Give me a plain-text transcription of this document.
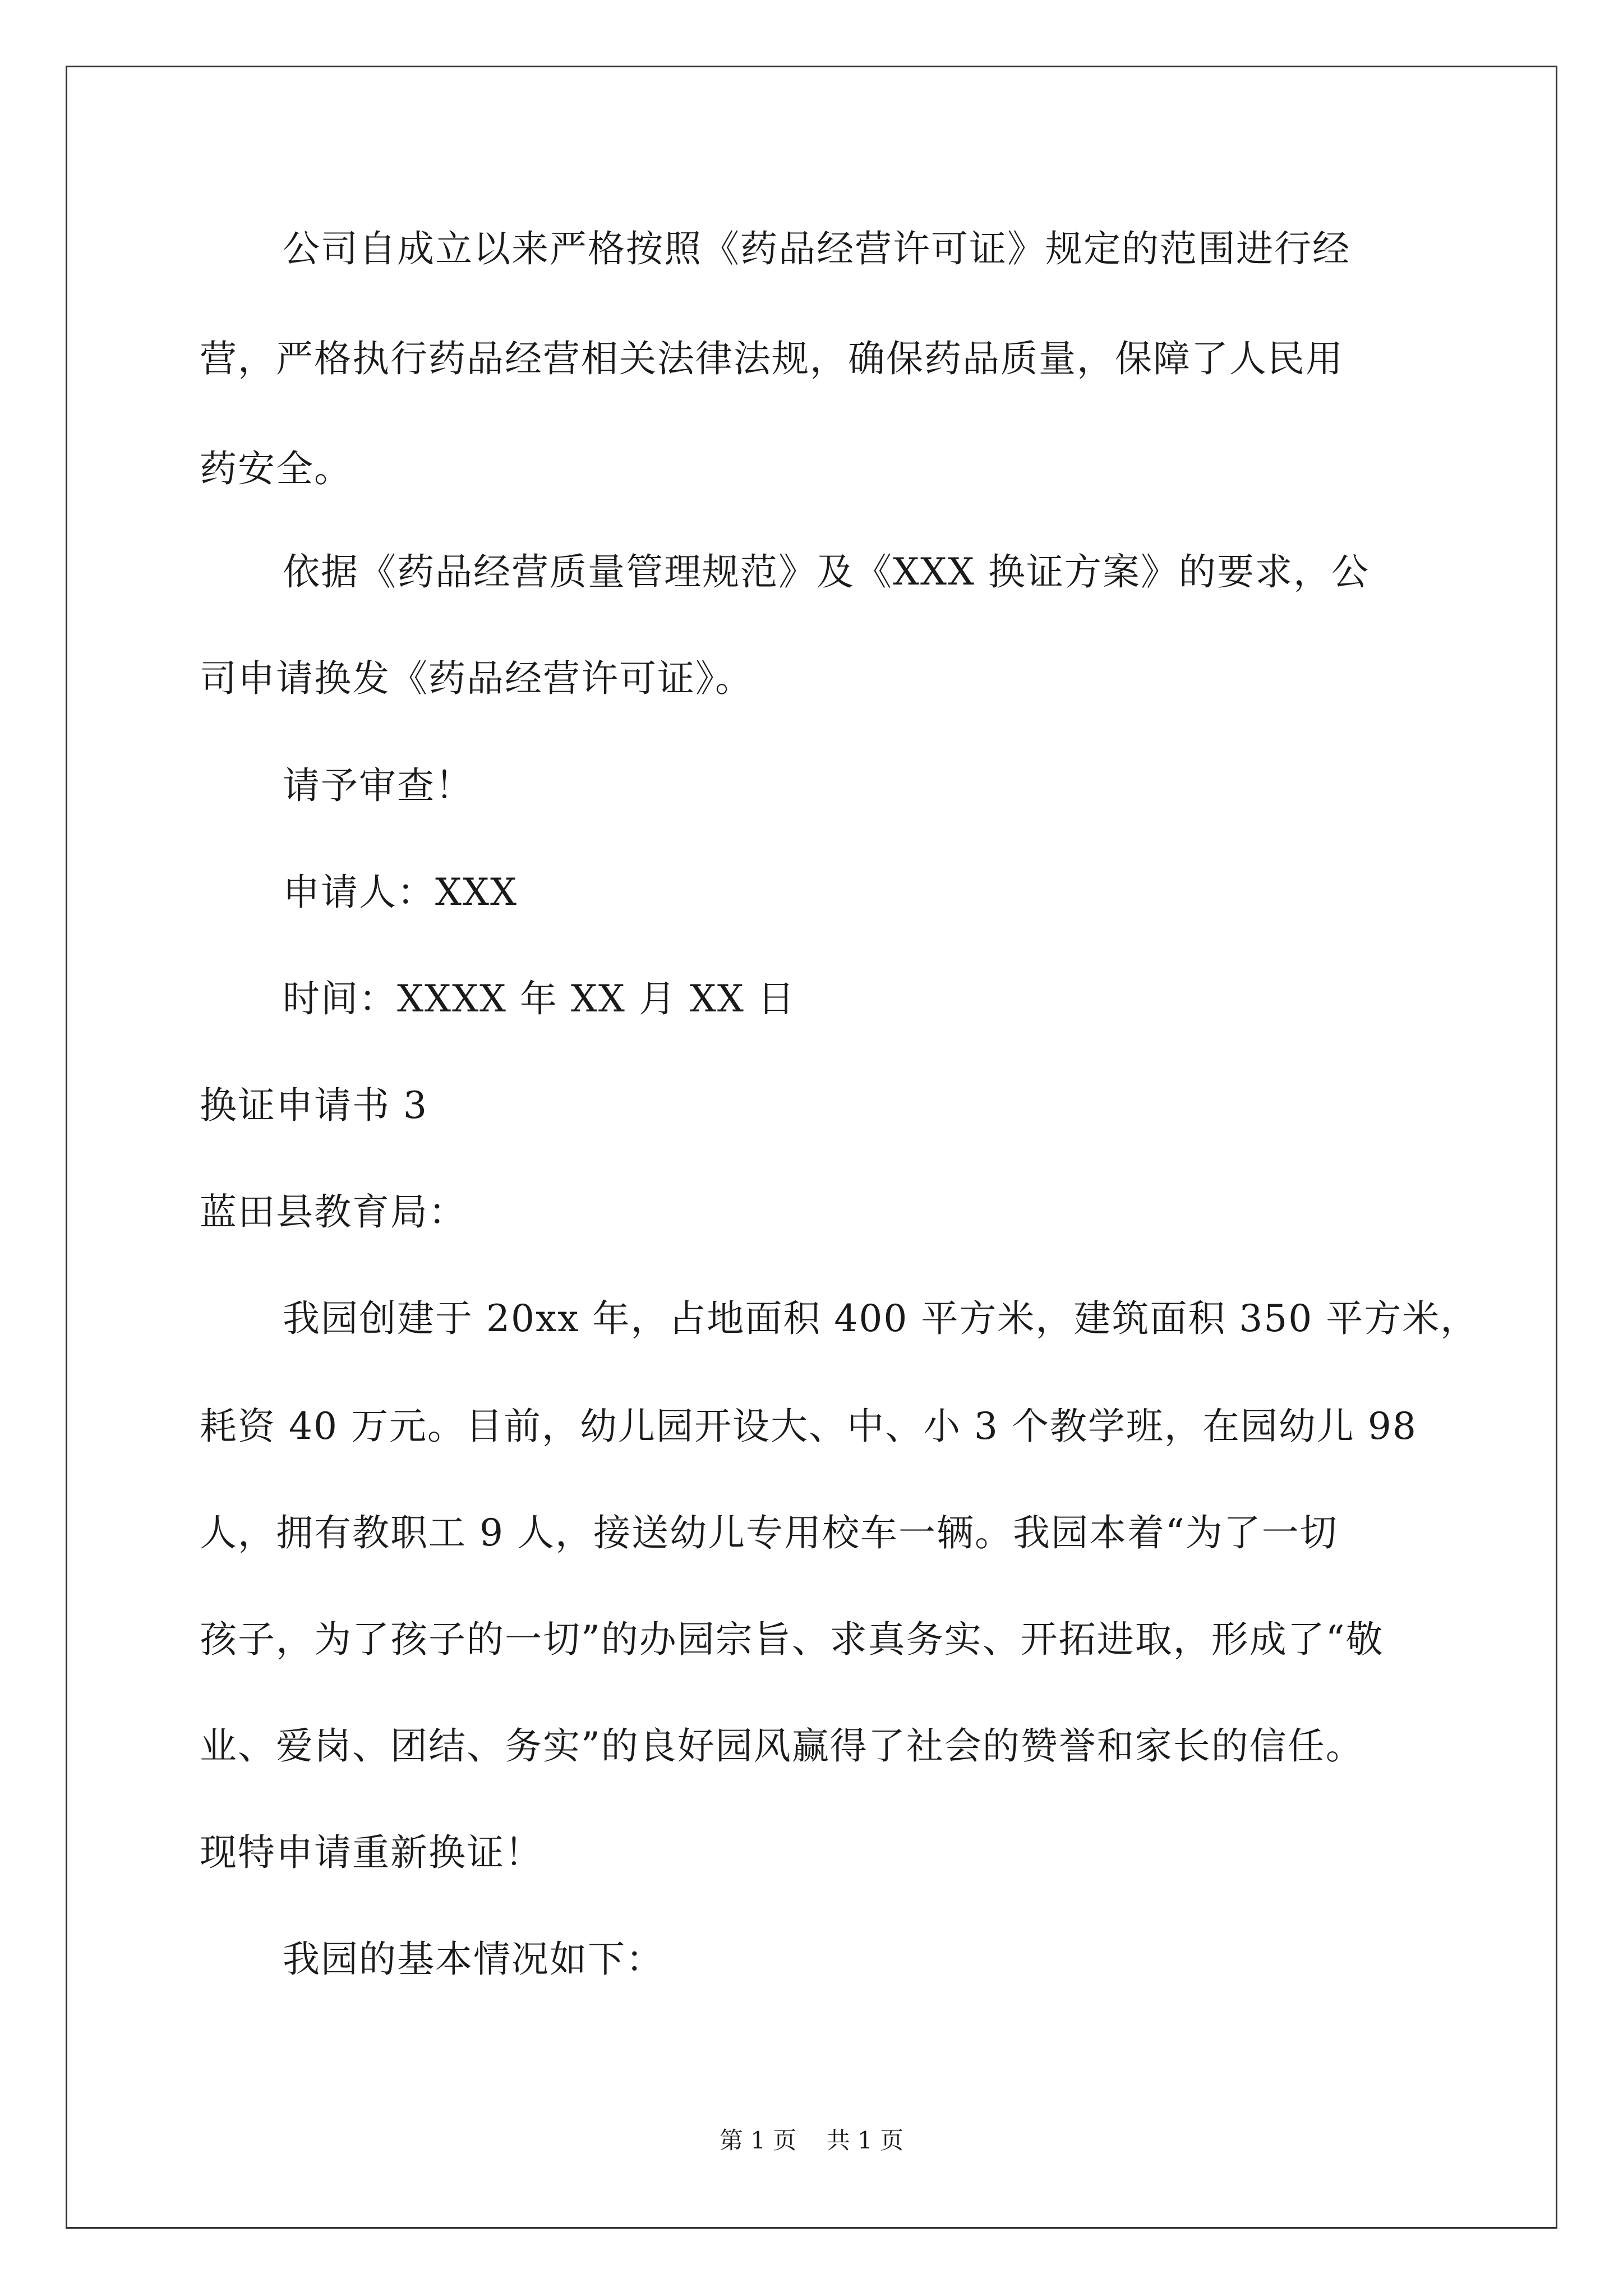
公司自成立以来严格按照《药品经营许可证》规定的范围进行经
营，严格执行药品经营相关法律法规，确保药品质量，保障了人民用
药安全。
依据《药品经营质量管理规范》及《XXX 换证方案》的要求，公
司申请换发《药品经营许可证》。
请予审查！
申请人：XXX
时间：XXXX 年 XX 月 XX 日
换证申请书 3
蓝田县教育局：
我园创建于 20xx 年，占地面积 400 平方米，建筑面积 350 平方米，
耗资 40 万元。目前，幼儿园开设大、中、小 3 个教学班，在园幼儿 98
人，拥有教职工 9 人，接送幼儿专用校车一辆。我园本着“为了一切
孩子，为了孩子的一切”的办园宗旨、求真务实、开拓进取，形成了“敬
业、爱岗、团结、务实”的良好园风赢得了社会的赞誉和家长的信任。
现特申请重新换证！
我园的基本情况如下：
第 1 页    共 1 页
